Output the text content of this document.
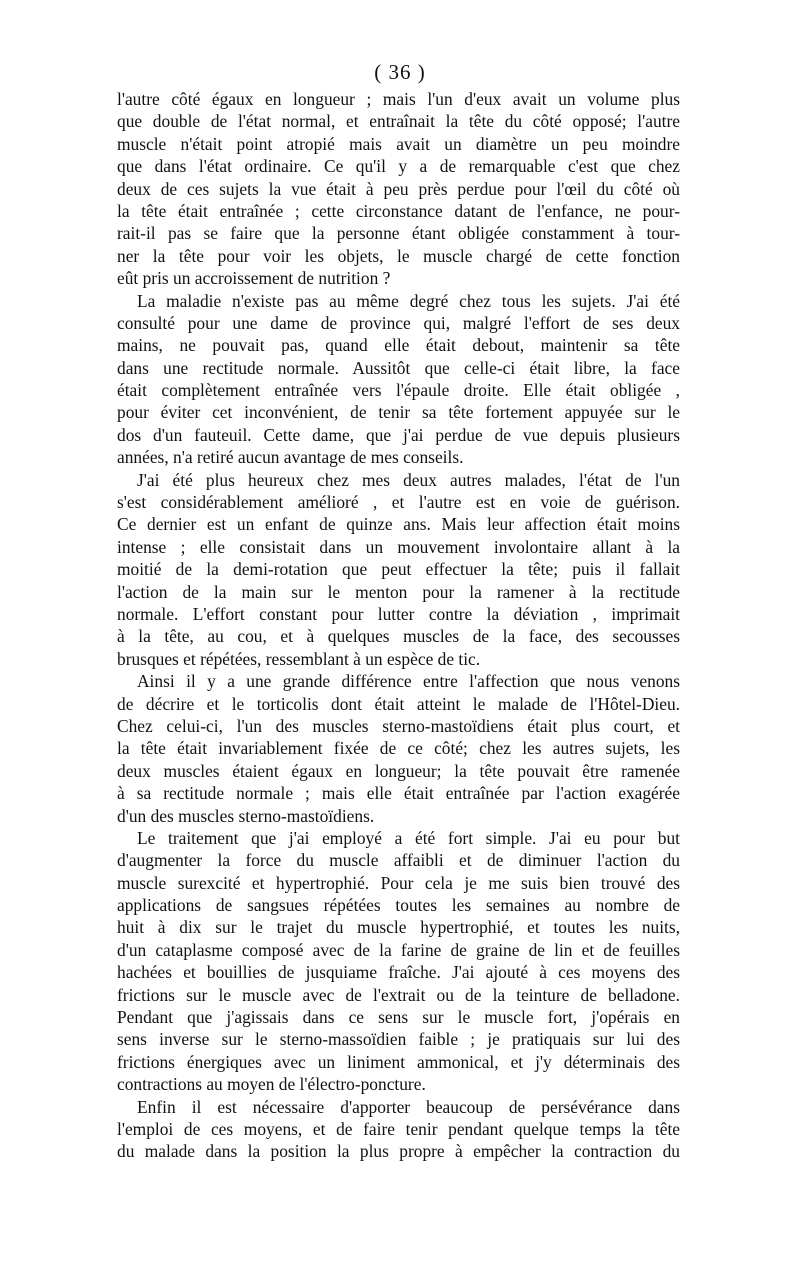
( 36 )
l'autre côté égaux en longueur ; mais l'un d'eux avait un volume plus
que double de l'état normal, et entraînait la tête du côté opposé; l'autre
muscle n'était point atropié mais avait un diamètre un peu moindre
que dans l'état ordinaire. Ce qu'il y a de remarquable c'est que chez
deux de ces sujets la vue était à peu près perdue pour l'œil du côté où
la tête était entraînée ; cette circonstance datant de l'enfance, ne pour-
rait-il pas se faire que la personne étant obligée constamment à tour-
ner la tête pour voir les objets, le muscle chargé de cette fonction
eût pris un accroissement de nutrition ?
La maladie n'existe pas au même degré chez tous les sujets. J'ai été
consulté pour une dame de province qui, malgré l'effort de ses deux
mains, ne pouvait pas, quand elle était debout, maintenir sa tête
dans une rectitude normale. Aussitôt que celle-ci était libre, la face
était complètement entraînée vers l'épaule droite. Elle était obligée ,
pour éviter cet inconvénient, de tenir sa tête fortement appuyée sur le
dos d'un fauteuil. Cette dame, que j'ai perdue de vue depuis plusieurs
années, n'a retiré aucun avantage de mes conseils.
J'ai été plus heureux chez mes deux autres malades, l'état de l'un
s'est considérablement amélioré , et l'autre est en voie de guérison.
Ce dernier est un enfant de quinze ans. Mais leur affection était moins
intense ; elle consistait dans un mouvement involontaire allant à la
moitié de la demi-rotation que peut effectuer la tête; puis il fallait
l'action de la main sur le menton pour la ramener à la rectitude
normale. L'effort constant pour lutter contre la déviation , imprimait
à la tête, au cou, et à quelques muscles de la face, des secousses
brusques et répétées, ressemblant à un espèce de tic.
Ainsi il y a une grande différence entre l'affection que nous venons
de décrire et le torticolis dont était atteint le malade de l'Hôtel-Dieu.
Chez celui-ci, l'un des muscles sterno-mastoïdiens était plus court, et
la tête était invariablement fixée de ce côté; chez les autres sujets, les
deux muscles étaient égaux en longueur; la tête pouvait être ramenée
à sa rectitude normale ; mais elle était entraînée par l'action exagérée
d'un des muscles sterno-mastoïdiens.
Le traitement que j'ai employé a été fort simple. J'ai eu pour but
d'augmenter la force du muscle affaibli et de diminuer l'action du
muscle surexcité et hypertrophié. Pour cela je me suis bien trouvé des
applications de sangsues répétées toutes les semaines au nombre de
huit à dix sur le trajet du muscle hypertrophié, et toutes les nuits,
d'un cataplasme composé avec de la farine de graine de lin et de feuilles
hachées et bouillies de jusquiame fraîche. J'ai ajouté à ces moyens des
frictions sur le muscle avec de l'extrait ou de la teinture de belladone.
Pendant que j'agissais dans ce sens sur le muscle fort, j'opérais en
sens inverse sur le sterno-massoïdien faible ; je pratiquais sur lui des
frictions énergiques avec un liniment ammonical, et j'y déterminais des
contractions au moyen de l'électro-poncture.
Enfin il est nécessaire d'apporter beaucoup de persévérance dans
l'emploi de ces moyens, et de faire tenir pendant quelque temps la tête
du malade dans la position la plus propre à empêcher la contraction du
